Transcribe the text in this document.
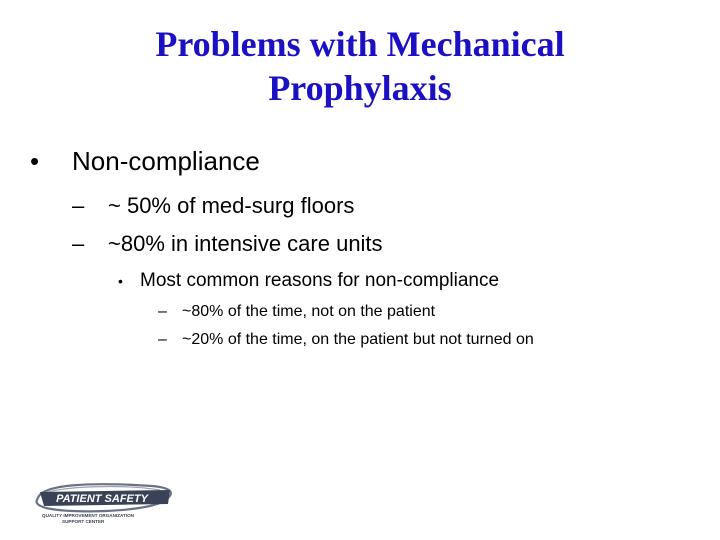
Problems with Mechanical
Prophylaxis
• Non-compliance
– ~ 50% of med-surg floors
– ~80% in intensive care units
• Most common reasons for non-compliance
– ~80% of the time, not on the patient
– ~20% of the time, on the patient but not turned on
PATIENT SAFETY
QUALITY IMPROVEMENT ORGANIZATION
SUPPORT CENTER
